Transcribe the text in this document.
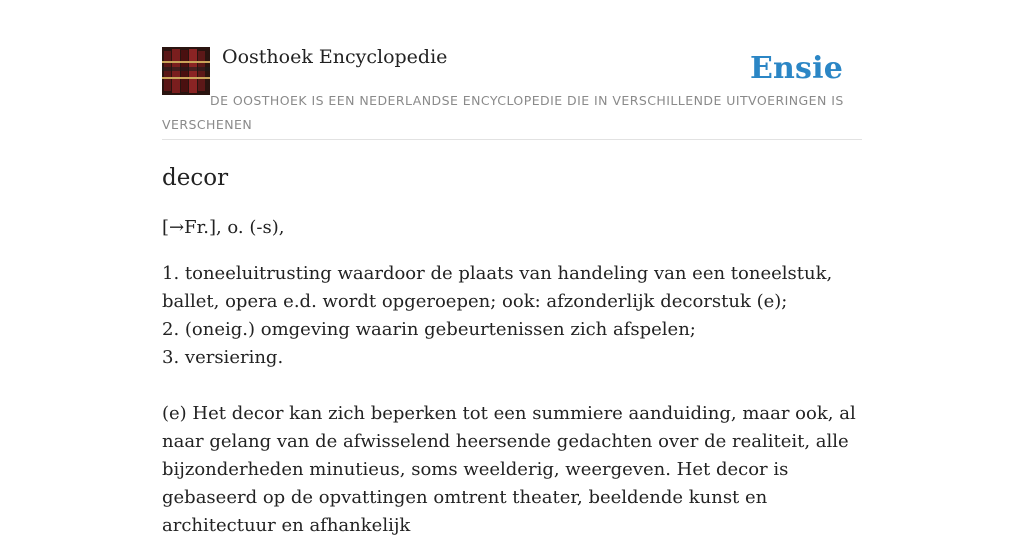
Oosthoek Encyclopedie	Ensie
DE OOSTHOEK IS EEN NEDERLANDSE ENCYCLOPEDIE DIE IN VERSCHILLENDE UITVOERINGEN IS VERSCHENEN
decor

[→Fr.], o. (-s),

1. toneeluitrusting waardoor de plaats van handeling van een toneelstuk, ballet, opera e.d. wordt opgeroepen; ook: afzonderlijk decorstuk (e);
2. (oneig.) omgeving waarin gebeurtenissen zich afspelen;
3. versiering.

(e) Het decor kan zich beperken tot een summiere aanduiding, maar ook, al naar gelang van de afwisselend heersende gedachten over de realiteit, alle bijzonderheden minutieus, soms weelderig, weergeven. Het decor is gebaseerd op de opvattingen omtrent theater, beeldende kunst en architectuur en afhankelijk
